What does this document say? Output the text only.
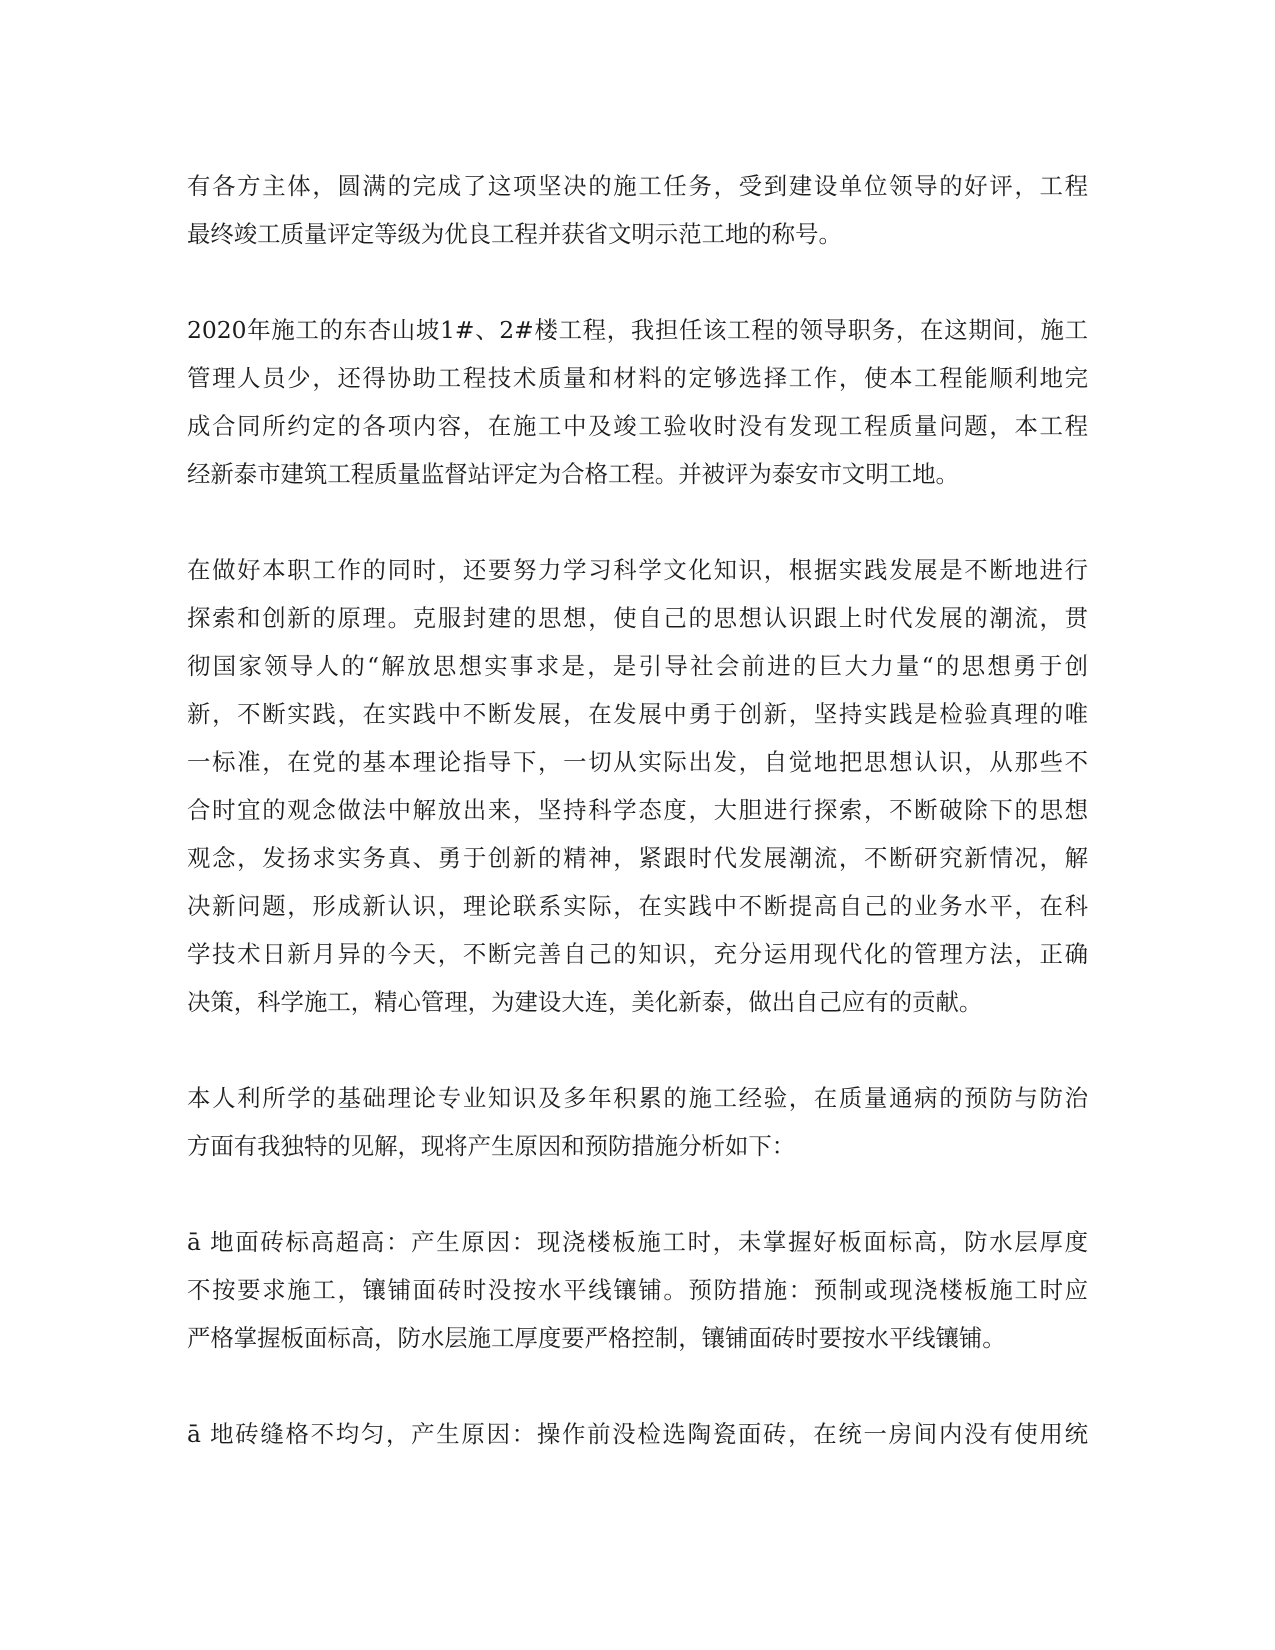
有各方主体，圆满的完成了这项坚决的施工任务，受到建设单位领导的好评，工程
最终竣工质量评定等级为优良工程并获省文明示范工地的称号。
2020年施工的东杏山坡1#、2#楼工程，我担任该工程的领导职务，在这期间，施工
管理人员少，还得协助工程技术质量和材料的定够选择工作，使本工程能顺利地完
成合同所约定的各项内容，在施工中及竣工验收时没有发现工程质量问题，本工程
经新泰市建筑工程质量监督站评定为合格工程。并被评为泰安市文明工地。
在做好本职工作的同时，还要努力学习科学文化知识，根据实践发展是不断地进行
探索和创新的原理。克服封建的思想，使自己的思想认识跟上时代发展的潮流，贯
彻国家领导人的“解放思想实事求是，是引导社会前进的巨大力量“的思想勇于创
新，不断实践，在实践中不断发展，在发展中勇于创新，坚持实践是检验真理的唯
一标准，在党的基本理论指导下，一切从实际出发，自觉地把思想认识，从那些不
合时宜的观念做法中解放出来，坚持科学态度，大胆进行探索，不断破除下的思想
观念，发扬求实务真、勇于创新的精神，紧跟时代发展潮流，不断研究新情况，解
决新问题，形成新认识，理论联系实际，在实践中不断提高自己的业务水平，在科
学技术日新月异的今天，不断完善自己的知识，充分运用现代化的管理方法，正确
决策，科学施工，精心管理，为建设大连，美化新泰，做出自己应有的贡献。
本人利所学的基础理论专业知识及多年积累的施工经验，在质量通病的预防与防治
方面有我独特的见解，现将产生原因和预防措施分析如下：
ā 地面砖标高超高：产生原因：现浇楼板施工时，未掌握好板面标高，防水层厚度
不按要求施工，镶铺面砖时没按水平线镶铺。预防措施：预制或现浇楼板施工时应
严格掌握板面标高，防水层施工厚度要严格控制，镶铺面砖时要按水平线镶铺。
ā 地砖缝格不均匀，产生原因：操作前没检选陶瓷面砖，在统一房间内没有使用统
